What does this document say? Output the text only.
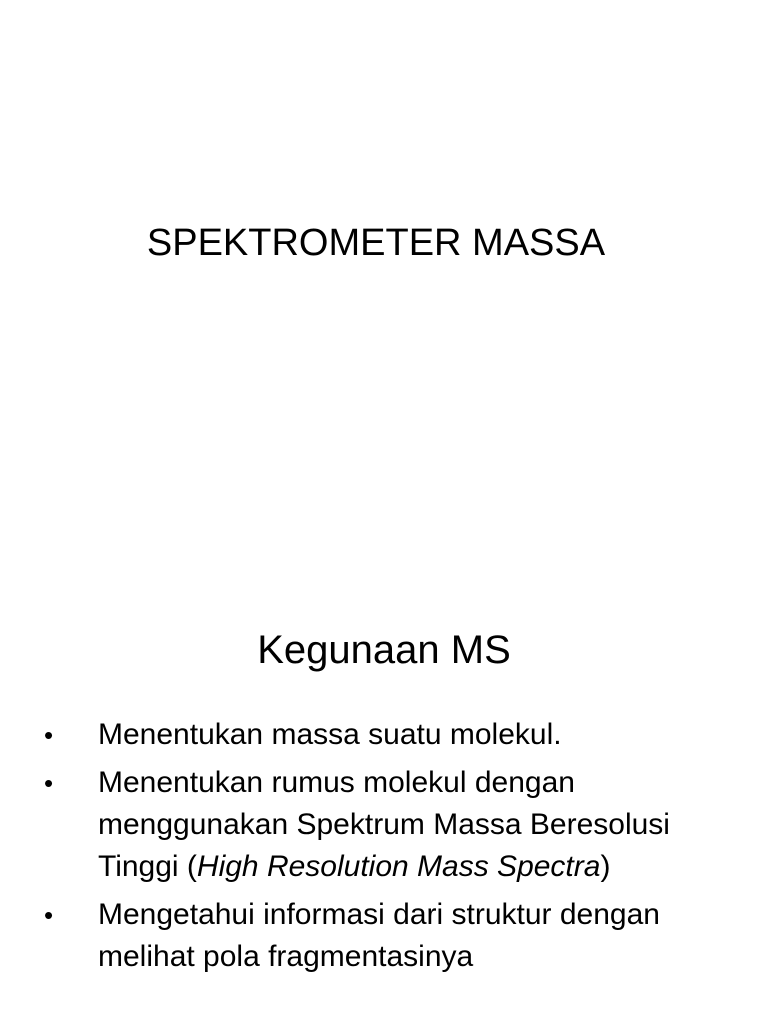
SPEKTROMETER MASSA
Kegunaan MS
•	Menentukan massa suatu molekul.
•	Menentukan rumus molekul dengan menggunakan Spektrum Massa Beresolusi Tinggi (High Resolution Mass Spectra)
•	Mengetahui informasi dari struktur dengan melihat pola fragmentasinya
